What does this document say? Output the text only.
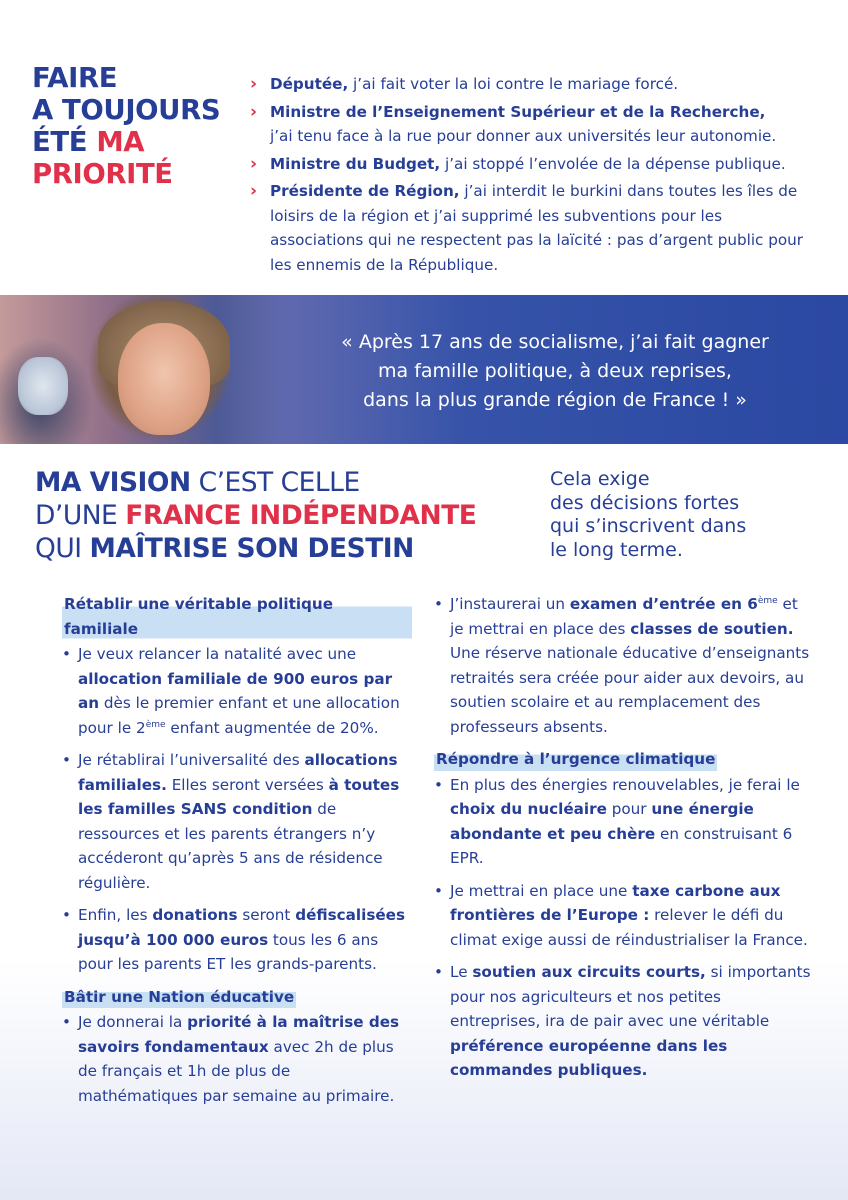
FAIRE
A TOUJOURS
ÉTÉ MA
PRIORITÉ
› Députée, j’ai fait voter la loi contre le mariage forcé.
› Ministre de l’Enseignement Supérieur et de la Recherche,
j’ai tenu face à la rue pour donner aux universités leur autonomie.
› Ministre du Budget, j’ai stoppé l’envolée de la dépense publique.
› Présidente de Région, j’ai interdit le burkini dans toutes les îles de loisirs de la région et j’ai supprimé les subventions pour les associations qui ne respectent pas la laïcité : pas d’argent public pour les ennemis de la République.
« Après 17 ans de socialisme, j’ai fait gagner
ma famille politique, à deux reprises,
dans la plus grande région de France ! »
MA VISION C’EST CELLE
D’UNE FRANCE INDÉPENDANTE
QUI MAÎTRISE SON DESTIN
Cela exige
des décisions fortes
qui s’inscrivent dans
le long terme.
Rétablir une véritable politique familiale
• Je veux relancer la natalité avec une allocation familiale de 900 euros par an dès le premier enfant et une allocation pour le 2ème enfant augmentée de 20%.
• Je rétablirai l’universalité des allocations familiales. Elles seront versées à toutes les familles SANS condition de ressources et les parents étrangers n’y accéderont qu’après 5 ans de résidence régulière.
• Enfin, les donations seront défiscalisées jusqu’à 100 000 euros tous les 6 ans pour les parents ET les grands-parents.
Bâtir une Nation éducative
• Je donnerai la priorité à la maîtrise des savoirs fondamentaux avec 2h de plus de français et 1h de plus de mathématiques par semaine au primaire.
• J’instaurerai un examen d’entrée en 6ème et je mettrai en place des classes de soutien. Une réserve nationale éducative d’enseignants retraités sera créée pour aider aux devoirs, au soutien scolaire et au remplacement des professeurs absents.
Répondre à l’urgence climatique
• En plus des énergies renouvelables, je ferai le choix du nucléaire pour une énergie abondante et peu chère en construisant 6 EPR.
• Je mettrai en place une taxe carbone aux frontières de l’Europe : relever le défi du climat exige aussi de réindustrialiser la France.
• Le soutien aux circuits courts, si importants pour nos agriculteurs et nos petites entreprises, ira de pair avec une véritable préférence européenne dans les commandes publiques.
